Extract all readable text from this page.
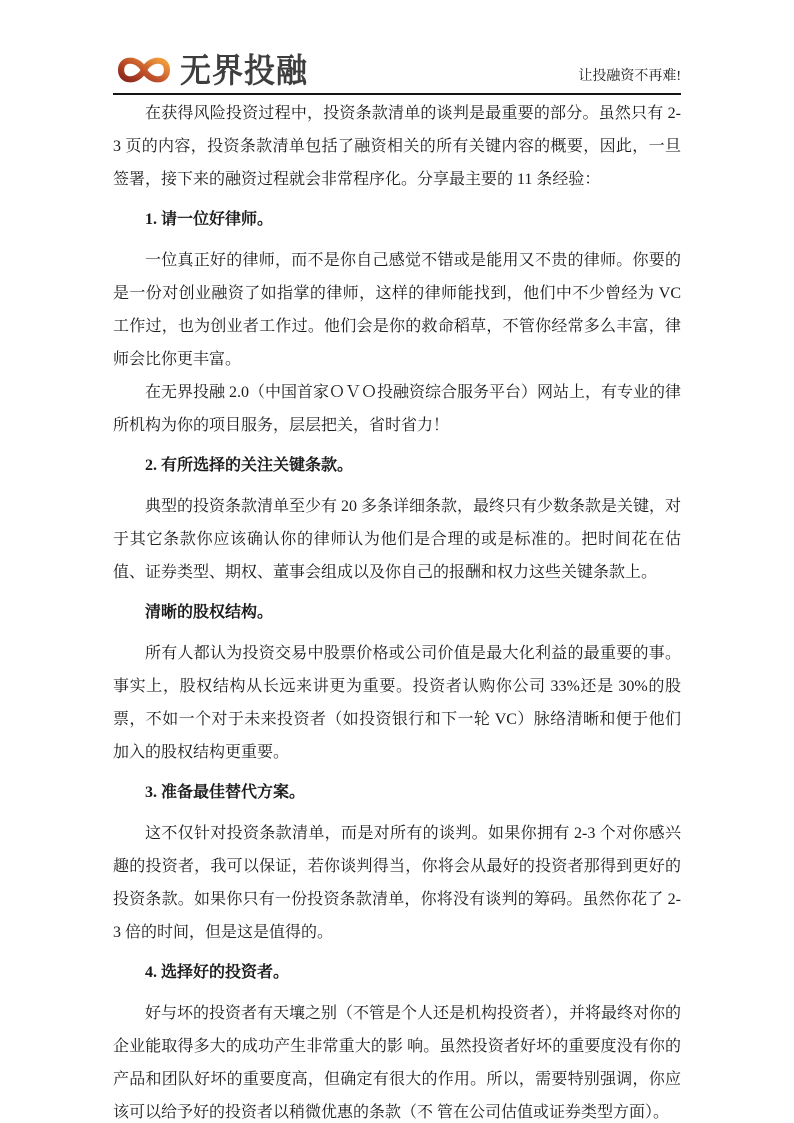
无界投融	让投融资不再难!

在获得风险投资过程中，投资条款清单的谈判是最重要的部分。虽然只有 2-3 页的内容，投资条款清单包括了融资相关的所有关键内容的概要，因此，一旦签署，接下来的融资过程就会非常程序化。分享最主要的 11 条经验：

1. 请一位好律师。

一位真正好的律师，而不是你自己感觉不错或是能用又不贵的律师。你要的是一份对创业融资了如指掌的律师，这样的律师能找到，他们中不少曾经为 VC 工作过，也为创业者工作过。他们会是你的救命稻草，不管你经常多么丰富，律师会比你更丰富。

在无界投融 2.0（中国首家ＯＶＯ投融资综合服务平台）网站上，有专业的律所机构为你的项目服务，层层把关，省时省力！

2. 有所选择的关注关键条款。

典型的投资条款清单至少有 20 多条详细条款，最终只有少数条款是关键，对于其它条款你应该确认你的律师认为他们是合理的或是标准的。把时间花在估值、证券类型、期权、董事会组成以及你自己的报酬和权力这些关键条款上。

清晰的股权结构。

所有人都认为投资交易中股票价格或公司价值是最大化利益的最重要的事。事实上，股权结构从长远来讲更为重要。投资者认购你公司 33%还是 30%的股票，不如一个对于未来投资者（如投资银行和下一轮 VC）脉络清晰和便于他们加入的股权结构更重要。

3. 准备最佳替代方案。

这不仅针对投资条款清单，而是对所有的谈判。如果你拥有 2-3 个对你感兴趣的投资者，我可以保证，若你谈判得当，你将会从最好的投资者那得到更好的投资条款。如果你只有一份投资条款清单，你将没有谈判的筹码。虽然你花了 2-3 倍的时间，但是这是值得的。

4. 选择好的投资者。

好与坏的投资者有天壤之别（不管是个人还是机构投资者），并将最终对你的企业能取得多大的成功产生非常重大的影 响。虽然投资者好坏的重要度没有你的产品和团队好坏的重要度高，但确定有很大的作用。所以，需要特别强调，你应该可以给予好的投资者以稍微优惠的条款（不 管在公司估值或证券类型方面）。
